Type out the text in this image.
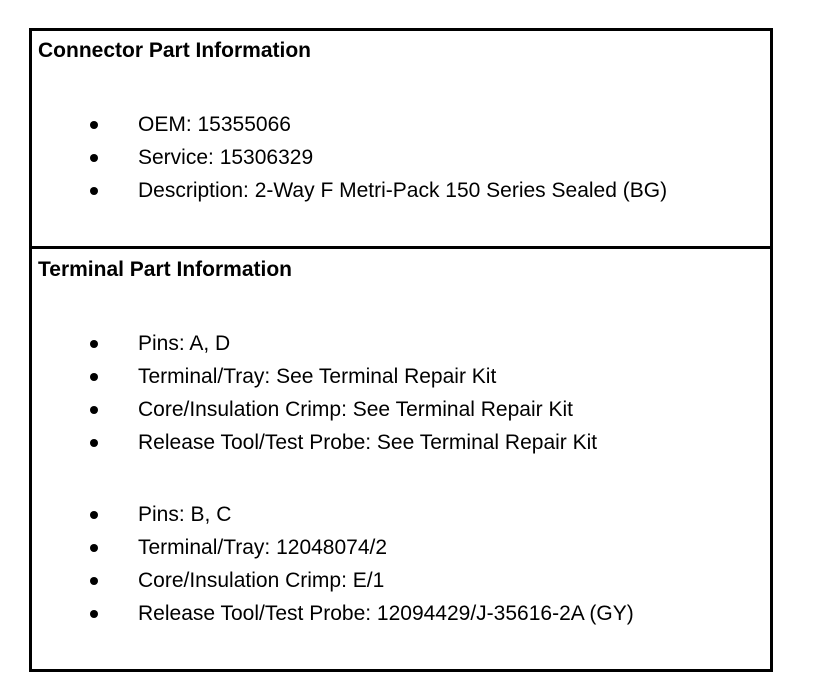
Connector Part Information
OEM: 15355066
Service: 15306329
Description: 2-Way F Metri-Pack 150 Series Sealed (BG)
Terminal Part Information
Pins: A, D
Terminal/Tray: See Terminal Repair Kit
Core/Insulation Crimp: See Terminal Repair Kit
Release Tool/Test Probe: See Terminal Repair Kit
Pins: B, C
Terminal/Tray: 12048074/2
Core/Insulation Crimp: E/1
Release Tool/Test Probe: 12094429/J-35616-2A (GY)
